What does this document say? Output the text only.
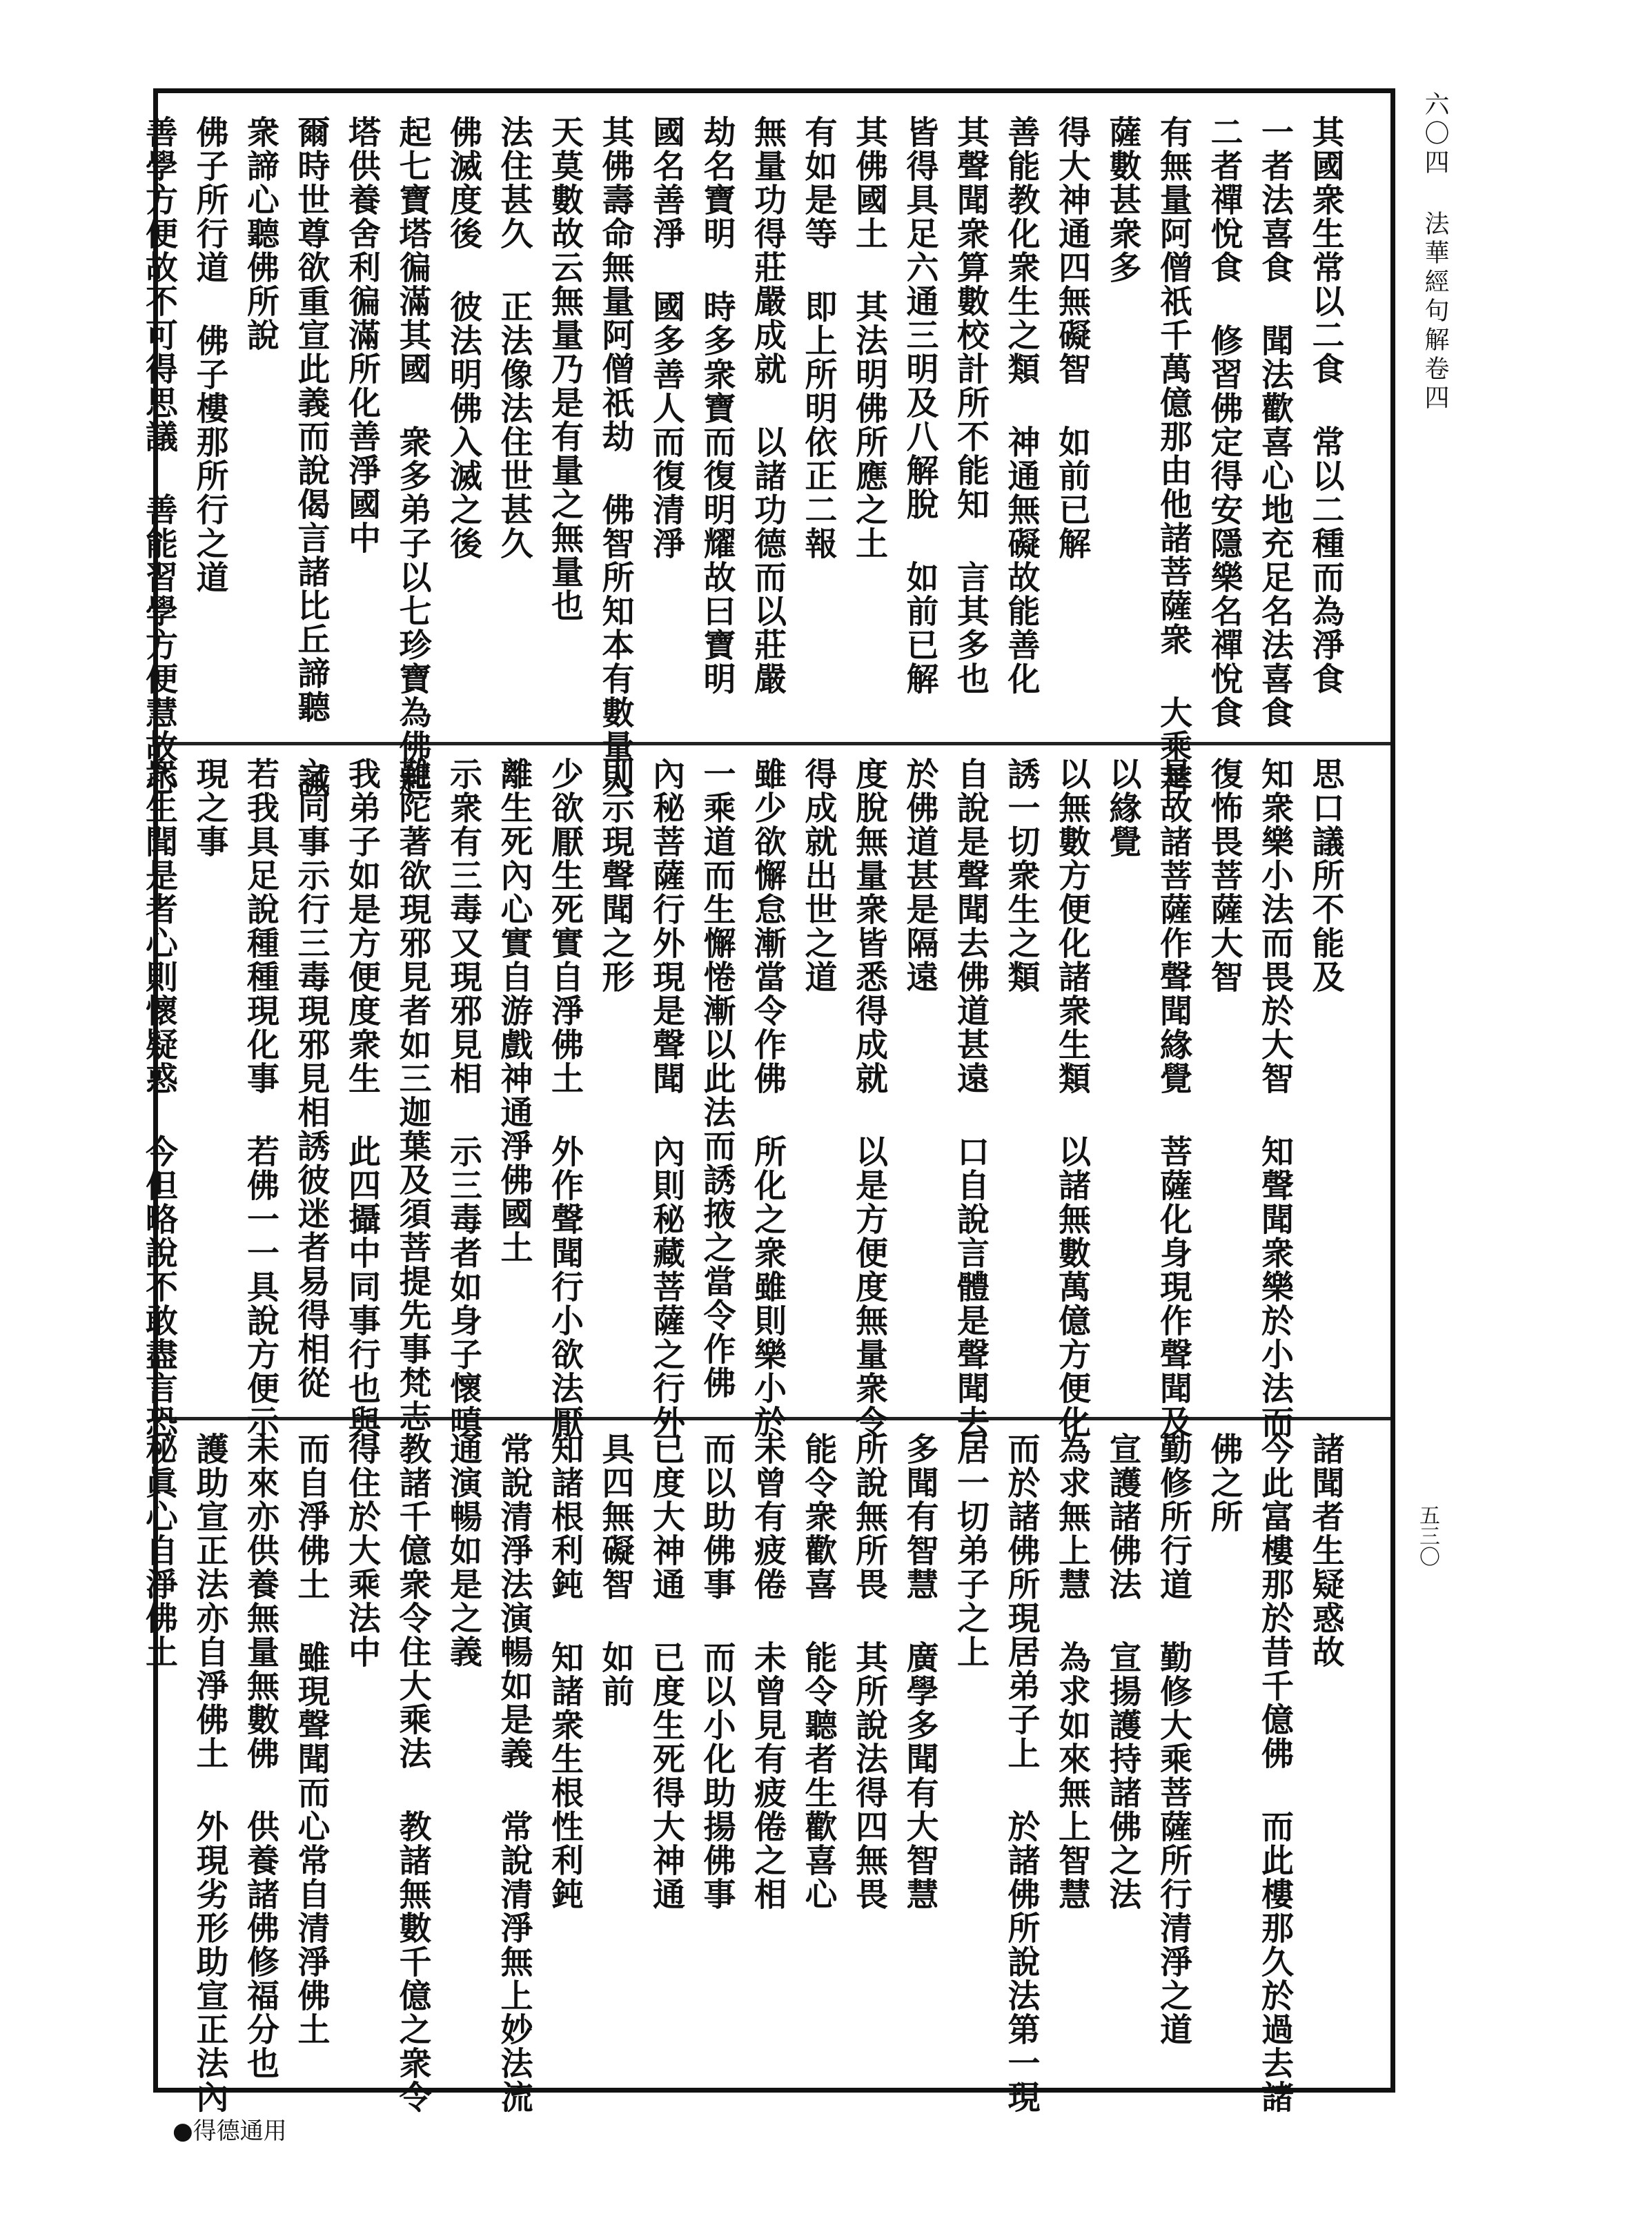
六〇四 法華經句解卷四
五三〇
其國衆生常以二食 常以二種而為淨食
一者法喜食 聞法歡喜心地充足名法喜食
二者禪悅食 修習佛定得安隱樂名禪悅食
有無量阿僧祇千萬億那由他諸菩薩衆 大乘菩
薩數甚衆多
得大神通四無礙智 如前已解
善能教化衆生之類 神通無礙故能善化
其聲聞衆算數校計所不能知 言其多也
皆得具足六通三明及八解脫 如前已解
其佛國土 其法明佛所應之土
有如是等 即上所明依正二報
無量功得莊嚴成就 以諸功德而以莊嚴
劫名寶明 時多衆寶而復明耀故曰寶明
國名善淨 國多善人而復清淨
其佛壽命無量阿僧祇劫 佛智所知本有數量人
天莫數故云無量乃是有量之無量也
法住甚久 正法像法住世甚久
佛滅度後 彼法明佛入滅之後
起七寶塔徧滿其國 衆多弟子以七珍寶為佛起
塔供養舍利徧滿所化善淨國中
爾時世尊欲重宣此義而說偈言諸比丘諦聽 誡
衆諦心聽佛所說
佛子所行道 佛子樓那所行之道
善學方便故不可得思議 善能習學方便慧故心
思口議所不能及
知衆樂小法而畏於大智 知聲聞衆樂於小法而
復怖畏菩薩大智
是故諸菩薩作聲聞緣覺 菩薩化身現作聲聞及
以緣覺
以無數方便化諸衆生類 以諸無數萬億方便化
誘一切衆生之類
自說是聲聞去佛道甚遠 口自說言體是聲聞去
於佛道甚是隔遠
度脫無量衆皆悉得成就 以是方便度無量衆令
得成就出世之道
雖少欲懈怠漸當令作佛 所化之衆雖則樂小於
一乘道而生懈惓漸以此法而誘掖之當令作佛
內秘菩薩行外現是聲聞 內則秘藏菩薩之行外
則示現聲聞之形
少欲厭生死實自淨佛土 外作聲聞行小欲法厭
離生死內心實自游戲神通淨佛國土
示衆有三毒又現邪見相 示三毒者如身子懷嗔
難陀著欲現邪見者如三迦葉及須菩提先事梵志
我弟子如是方便度衆生 此四攝中同事行也與
之同事示行三毒現邪見相誘彼迷者易得相從
若我具足說種種現化事 若佛一一具說方便示
現之事
衆生聞是者心則懷疑惑 今但略說不敢盡言恐
諸聞者生疑惑故
今此富樓那於昔千億佛 而此樓那久於過去諸
佛之所
勤修所行道 勤修大乘菩薩所行清淨之道
宣護諸佛法 宣揚護持諸佛之法
為求無上慧 為求如來無上智慧
而於諸佛所現居弟子上 於諸佛所說法第一現
居一切弟子之上
多聞有智慧 廣學多聞有大智慧
所說無所畏 其所說法得四無畏
能令衆歡喜 能令聽者生歡喜心
未曾有疲倦 未曾見有疲倦之相
而以助佛事 而以小化助揚佛事
已度大神通 已度生死得大神通
具四無礙智 如前
知諸根利鈍 知諸衆生根性利鈍
常說清淨法演暢如是義 常說清淨無上妙法流
通演暢如是之義
教諸千億衆令住大乘法 教諸無數千億之衆令
得住於大乘法中
而自淨佛土 雖現聲聞而心常自清淨佛土
未來亦供養無量無數佛 供養諸佛修福分也
護助宣正法亦自淨佛土 外現劣形助宣正法內
秘眞心自淨佛土
●得德通用
